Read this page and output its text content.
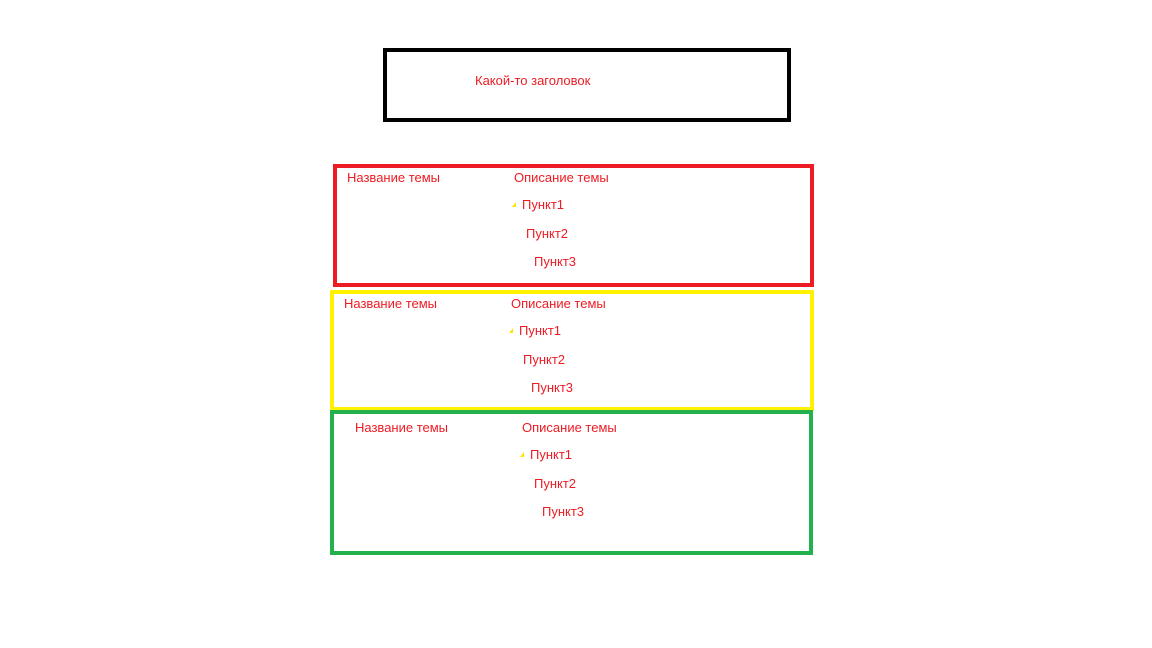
Какой-то заголовок
Название темы	Описание темы
Пункт1
Пункт2
Пункт3
Название темы	Описание темы
Пункт1
Пункт2
Пункт3
Название темы	Описание темы
Пункт1
Пункт2
Пункт3
